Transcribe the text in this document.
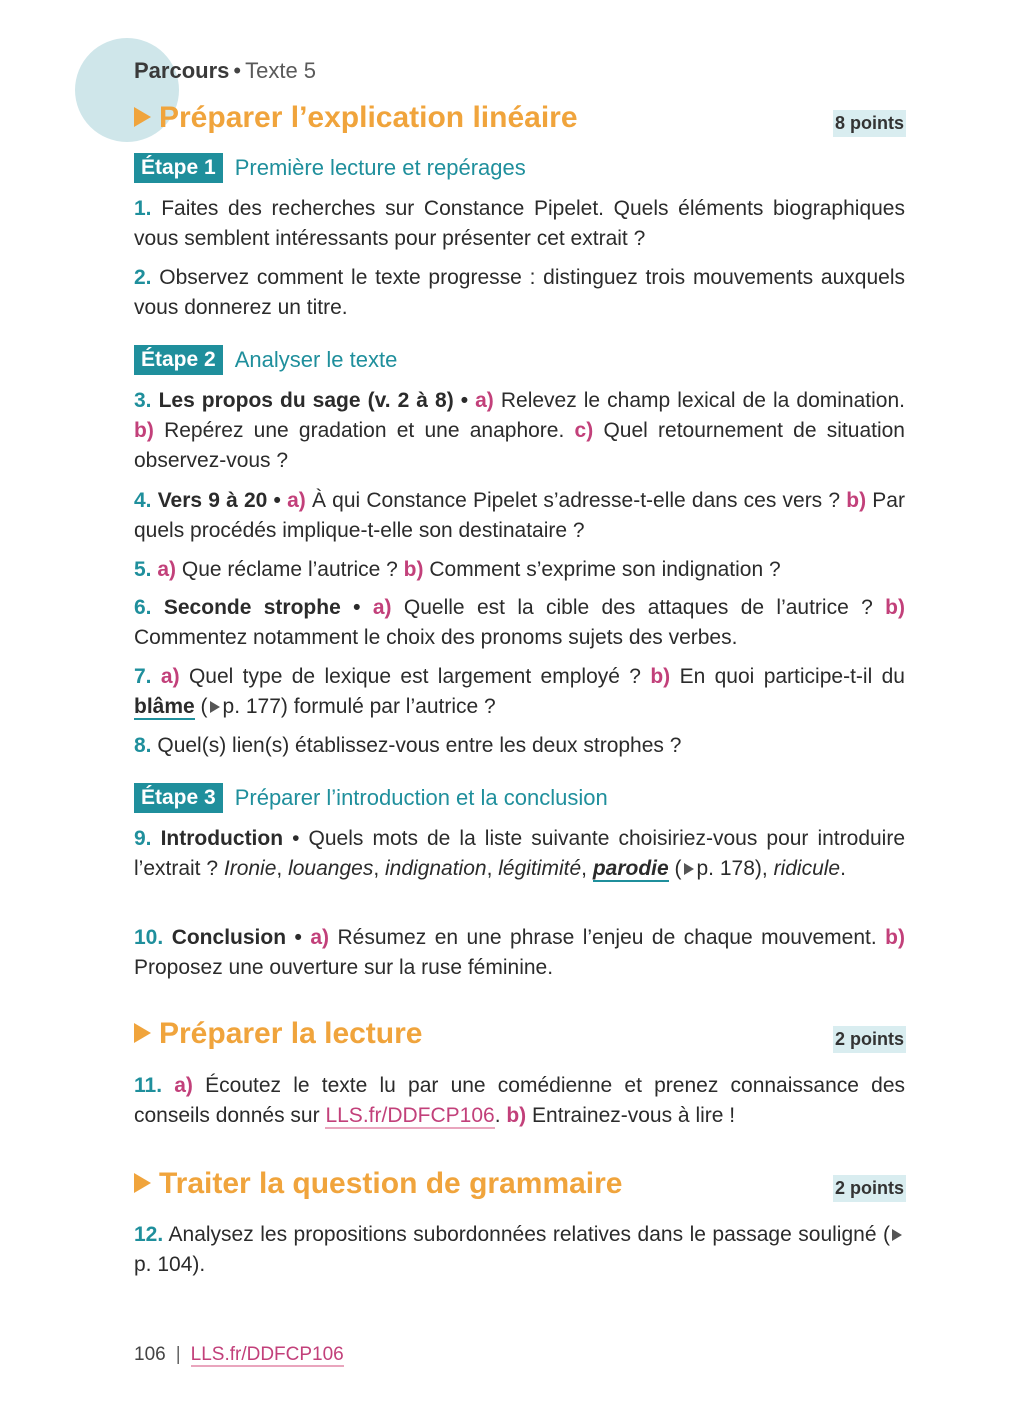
Parcours • Texte 5
Préparer l’explication linéaire	8 points
Étape 1 Première lecture et repérages
1. Faites des recherches sur Constance Pipelet. Quels éléments biographiques vous semblent intéressants pour présenter cet extrait ?
2. Observez comment le texte progresse : distinguez trois mouvements auxquels vous donnerez un titre.
Étape 2 Analyser le texte
3. Les propos du sage (v. 2 à 8) • a) Relevez le champ lexical de la domination. b) Repérez une gradation et une anaphore. c) Quel retournement de situation observez-vous ?
4. Vers 9 à 20 • a) À qui Constance Pipelet s’adresse-t-elle dans ces vers ? b) Par quels procédés implique-t-elle son destinataire ?
5. a) Que réclame l’autrice ? b) Comment s’exprime son indignation ?
6. Seconde strophe • a) Quelle est la cible des attaques de l’autrice ? b) Commentez notamment le choix des pronoms sujets des verbes.
7. a) Quel type de lexique est largement employé ? b) En quoi participe-t-il du blâme ( p. 177) formulé par l’autrice ?
8. Quel(s) lien(s) établissez-vous entre les deux strophes ?
Étape 3 Préparer l’introduction et la conclusion
9. Introduction • Quels mots de la liste suivante choisiriez-vous pour introduire l’extrait ? Ironie, louanges, indignation, légitimité, parodie ( p. 178), ridicule.
10. Conclusion • a) Résumez en une phrase l’enjeu de chaque mouvement. b) Proposez une ouverture sur la ruse féminine.
Préparer la lecture	2 points
11. a) Écoutez le texte lu par une comédienne et prenez connaissance des conseils donnés sur LLS.fr/DDFCP106. b) Entrainez-vous à lire !
Traiter la question de grammaire	2 points
12. Analysez les propositions subordonnées relatives dans le passage souligné (p. 104).
106 | LLS.fr/DDFCP106
